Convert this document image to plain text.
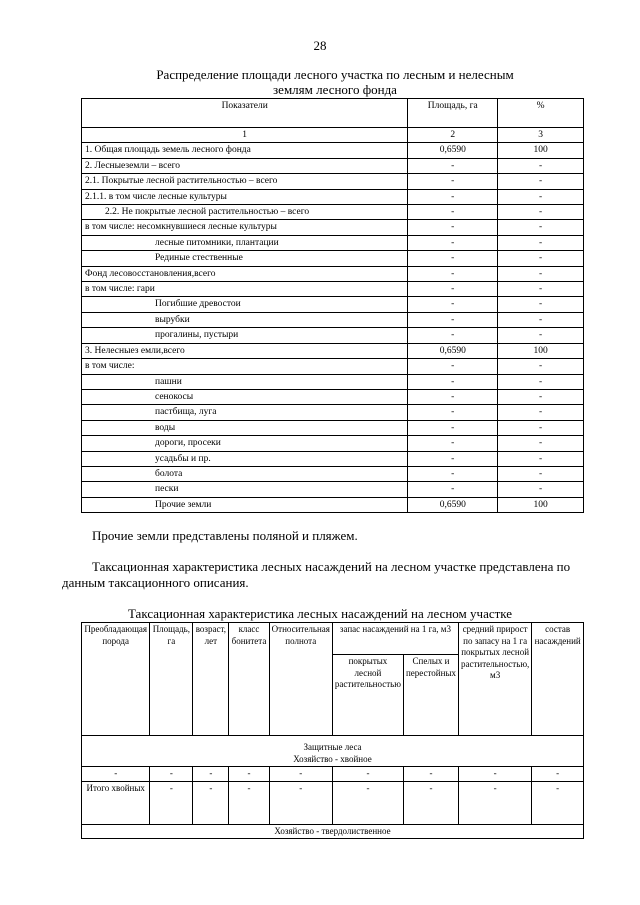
28
Распределение площади лесного участка по лесным и нелесным
землям лесного фонда
Показатели	Площадь, га	%
1	2	3
1. Общая площадь земель лесного фонда	0,6590	100
2. Лесныеземли – всего	-	-
2.1. Покрытые лесной растительностью – всего	-	-
2.1.1. в том числе лесные культуры	-	-
2.2. Не покрытые лесной растительностью – всего	-	-
в том числе: несомкнувшиеся лесные культуры	-	-
лесные питомники, плантации	-	-
Рединые стественные	-	-
Фонд лесовосстановления,всего	-	-
в том числе: гари	-	-
Погибшие древостои	-	-
вырубки	-	-
прогалины, пустыри	-	-
3. Нелесныез емли,всего	0,6590	100
в том числе:	-	-
пашни	-	-
сенокосы	-	-
пастбища, луга	-	-
воды	-	-
дороги, просеки	-	-
усадьбы и пр.	-	-
болота	-	-
пески	-	-
Прочие земли	0,6590	100
Прочие земли представлены поляной и пляжем.
Таксационная характеристика лесных насаждений на лесном участке представлена по
данным таксационного описания.
Таксационная характеристика лесных насаждений на лесном участке
Преобладающая порода	Площадь, га	возраст, лет	класс бонитета	Относительная полнота	запас насаждений на 1 га, м3		средний прирост по запасу на 1 га покрытых лесной растительностью, м3	состав насаждений
					покрытых лесной растительностью	Спелых и перестойных		

Защитные леса
Хозяйство - хвойное								

-	-	-	-	-	-	-	-	-
Итого хвойных	-	-	-	-	-	-	-	-
Хозяйство - твердолиственное								
